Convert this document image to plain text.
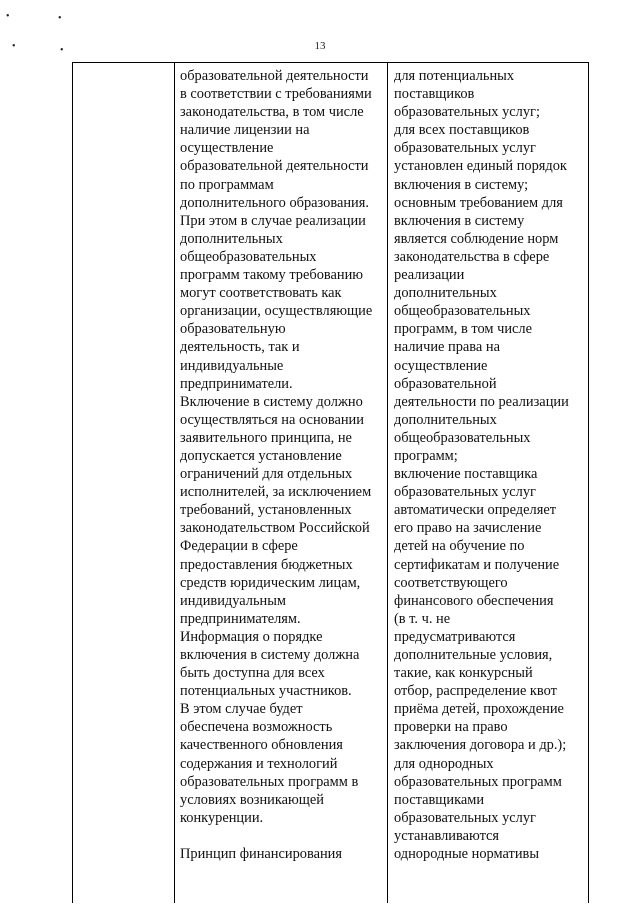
13
•	•
•	•
образовательной деятельности
в соответствии с требованиями
законодательства, в том числе
наличие лицензии на
осуществление
образовательной деятельности
по программам
дополнительного образования.
При этом в случае реализации
дополнительных
общеобразовательных
программ такому требованию
могут соответствовать как
организации, осуществляющие
образовательную
деятельность, так и
индивидуальные
предприниматели.
Включение в систему должно
осуществляться на основании
заявительного принципа, не
допускается установление
ограничений для отдельных
исполнителей, за исключением
требований, установленных
законодательством Российской
Федерации в сфере
предоставления бюджетных
средств юридическим лицам,
индивидуальным
предпринимателям.
Информация о порядке
включения в систему должна
быть доступна для всех
потенциальных участников.
В этом случае будет
обеспечена возможность
качественного обновления
содержания и технологий
образовательных программ в
условиях возникающей
конкуренции.
Принцип финансирования
для потенциальных
поставщиков
образовательных услуг;
для всех поставщиков
образовательных услуг
установлен единый порядок
включения в систему;
основным требованием для
включения в систему
является соблюдение норм
законодательства в сфере
реализации
дополнительных
общеобразовательных
программ, в том числе
наличие права на
осуществление
образовательной
деятельности по реализации
дополнительных
общеобразовательных
программ;
включение поставщика
образовательных услуг
автоматически определяет
его право на зачисление
детей на обучение по
сертификатам и получение
соответствующего
финансового обеспечения
(в т. ч. не
предусматриваются
дополнительные условия,
такие, как конкурсный
отбор, распределение квот
приёма детей, прохождение
проверки на право
заключения договора и др.);
для однородных
образовательных программ
поставщиками
образовательных услуг
устанавливаются
однородные нормативы
